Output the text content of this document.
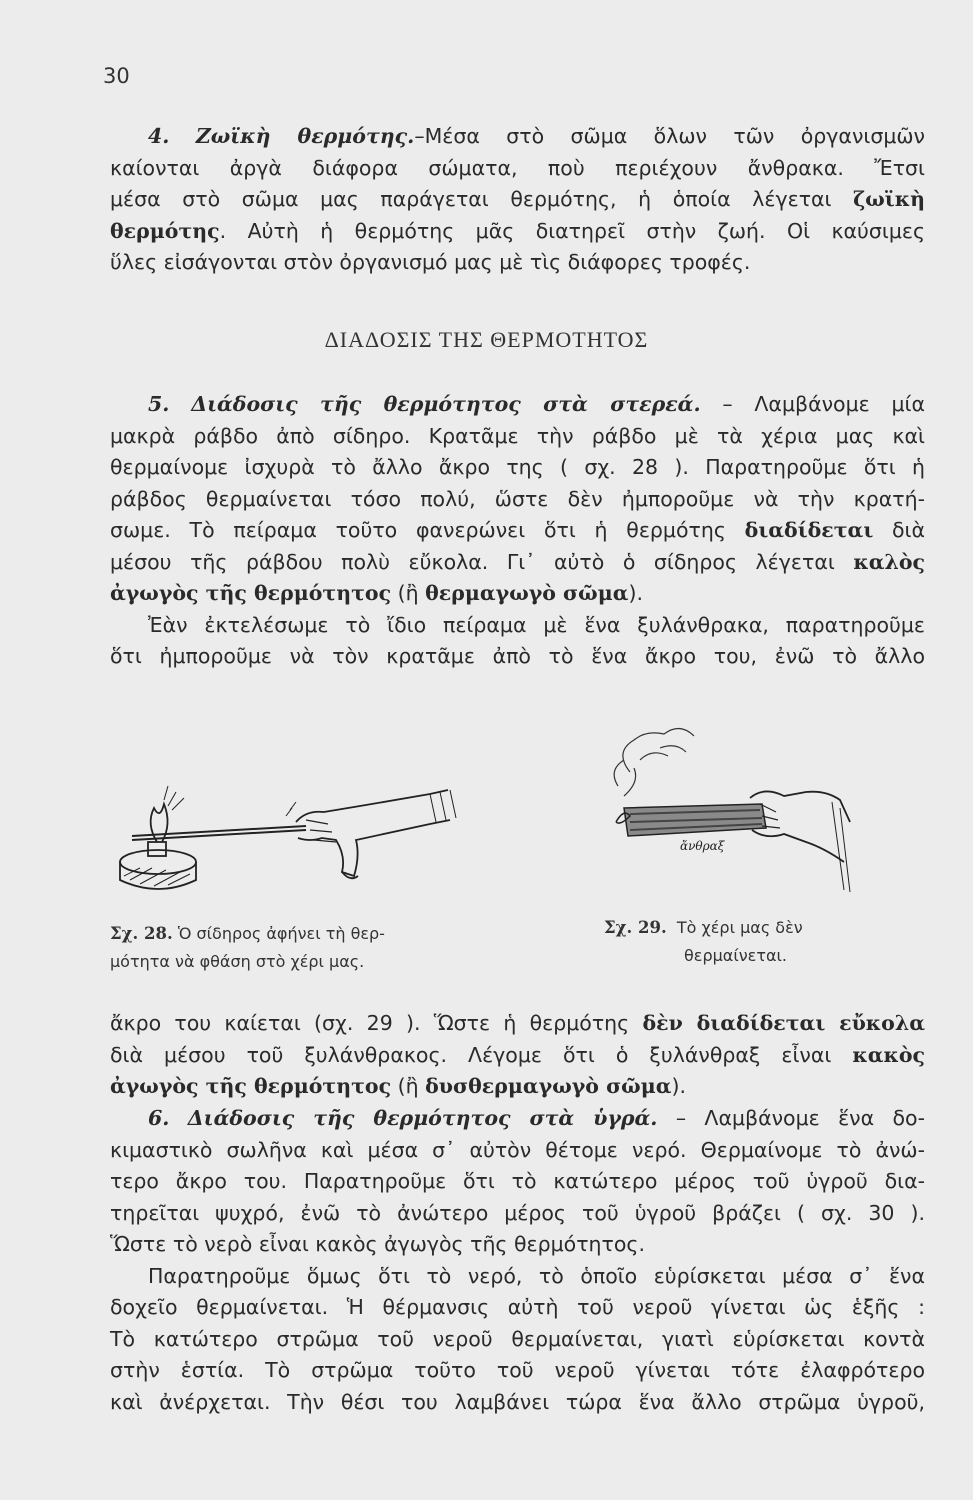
30
4. Ζωϊκὴ θερμότης.–Μέσα στὸ σῶμα ὅλων τῶν ὀργανισμῶν
καίονται ἀργὰ διάφορα σώματα, ποὺ περιέχουν ἄνθρακα. Ἔτσι
μέσα στὸ σῶμα μας παράγεται θερμότης, ἡ ὁποία λέγεται ζωϊκὴ
θερμότης. Αὐτὴ ἡ θερμότης μᾶς διατηρεῖ στὴν ζωή. Οἱ καύσιμες
ὕλες εἰσάγονται στὸν ὀργανισμό μας μὲ τὶς διάφορες τροφές.
ΔΙΑΔΟΣΙΣ ΤΗΣ ΘΕΡΜΟΤΗΤΟΣ
5. Διάδοσις τῆς θερμότητος στὰ στερεά. – Λαμβάνομε μία
μακρὰ ράβδο ἀπὸ σίδηρο. Κρατᾶμε τὴν ράβδο μὲ τὰ χέρια μας καὶ
θερμαίνομε ἰσχυρὰ τὸ ἄλλο ἄκρο της ( σχ. 28 ). Παρατηροῦμε ὅτι ἡ
ράβδος θερμαίνεται τόσο πολύ, ὥστε δὲν ἠμποροῦμε νὰ τὴν κρατή-
σωμε. Τὸ πείραμα τοῦτο φανερώνει ὅτι ἡ θερμότης διαδίδεται διὰ
μέσου τῆς ράβδου πολὺ εὔκολα. Γι᾽ αὐτὸ ὁ σίδηρος λέγεται καλὸς
ἀγωγὸς τῆς θερμότητος (ἢ θερμαγωγὸ σῶμα).
Ἐὰν ἐκτελέσωμε τὸ ἴδιο πείραμα μὲ ἕνα ξυλάνθρακα, παρατηροῦμε
ὅτι ἠμποροῦμε νὰ τὸν κρατᾶμε ἀπὸ τὸ ἕνα ἄκρο του, ἐνῶ τὸ ἄλλο
Σχ. 28. Ὁ σίδηρος ἀφήνει τὴ θερ-
μότητα νὰ φθάση στὸ χέρι μας.
ἄνθραξ
Σχ. 29. Τὸ χέρι μας δὲν
θερμαίνεται.
ἄκρο του καίεται (σχ. 29 ). Ὥστε ἡ θερμότης δὲν διαδίδεται εὔκολα
διὰ μέσου τοῦ ξυλάνθρακος. Λέγομε ὅτι ὁ ξυλάνθραξ εἶναι κακὸς
ἀγωγὸς τῆς θερμότητος (ἢ δυσθερμαγωγὸ σῶμα).
6. Διάδοσις τῆς θερμότητος στὰ ὑγρά. – Λαμβάνομε ἕνα δο-
κιμαστικὸ σωλῆνα καὶ μέσα σ᾽ αὐτὸν θέτομε νερό. Θερμαίνομε τὸ ἀνώ-
τερο ἄκρο του. Παρατηροῦμε ὅτι τὸ κατώτερο μέρος τοῦ ὑγροῦ δια-
τηρεῖται ψυχρό, ἐνῶ τὸ ἀνώτερο μέρος τοῦ ὑγροῦ βράζει ( σχ. 30 ).
Ὥστε τὸ νερὸ εἶναι κακὸς ἀγωγὸς τῆς θερμότητος.
Παρατηροῦμε ὅμως ὅτι τὸ νερό, τὸ ὁποῖο εὑρίσκεται μέσα σ᾽ ἕνα
δοχεῖο θερμαίνεται. Ἡ θέρμανσις αὐτὴ τοῦ νεροῦ γίνεται ὡς ἑξῆς :
Τὸ κατώτερο στρῶμα τοῦ νεροῦ θερμαίνεται, γιατὶ εὑρίσκεται κοντὰ
στὴν ἑστία. Τὸ στρῶμα τοῦτο τοῦ νεροῦ γίνεται τότε ἐλαφρότερο
καὶ ἀνέρχεται. Τὴν θέσι του λαμβάνει τώρα ἕνα ἄλλο στρῶμα ὑγροῦ,
